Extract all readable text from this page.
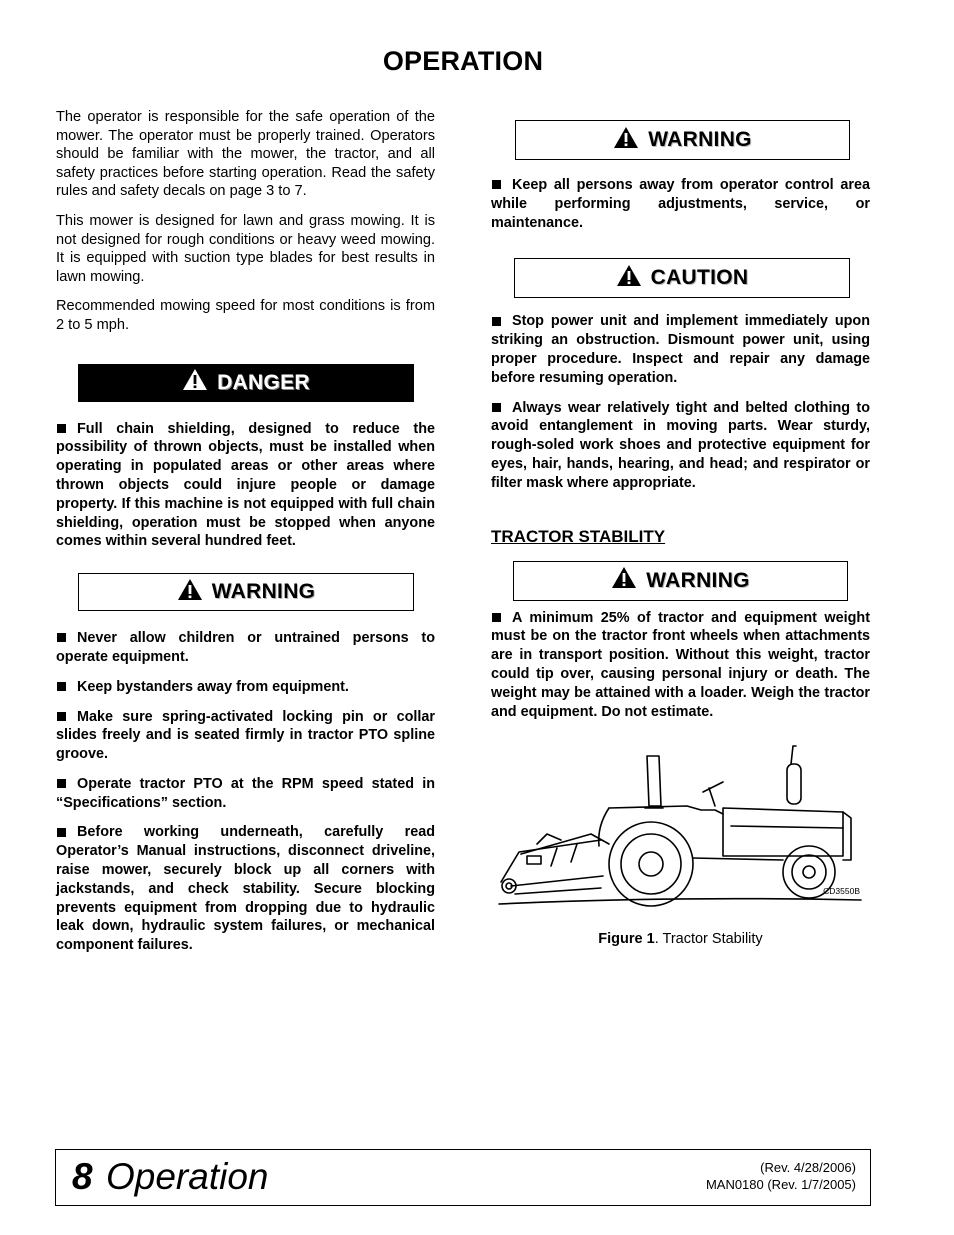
OPERATION

The operator is responsible for the safe operation of the mower. The operator must be properly trained. Operators should be familiar with the mower, the tractor, and all safety practices before starting operation. Read the safety rules and safety decals on page 3 to 7.

This mower is designed for lawn and grass mowing. It is not designed for rough conditions or heavy weed mowing. It is equipped with suction type blades for best results in lawn mowing.

Recommended mowing speed for most conditions is from 2 to 5 mph.

DANGER

Full chain shielding, designed to reduce the possibility of thrown objects, must be installed when operating in populated areas or other areas where thrown objects could injure people or damage property. If this machine is not equipped with full chain shielding, operation must be stopped when anyone comes within several hundred feet.

WARNING

Never allow children or untrained persons to operate equipment.

Keep bystanders away from equipment.

Make sure spring-activated locking pin or collar slides freely and is seated firmly in tractor PTO spline groove.

Operate tractor PTO at the RPM speed stated in “Specifications” section.

Before working underneath, carefully read Operator’s Manual instructions, disconnect driveline, raise mower, securely block up all corners with jackstands, and check stability. Secure blocking prevents equipment from dropping due to hydraulic leak down, hydraulic system failures, or mechanical component failures.

WARNING

Keep all persons away from operator control area while performing adjustments, service, or maintenance.

CAUTION

Stop power unit and implement immediately upon striking an obstruction. Dismount power unit, using proper procedure. Inspect and repair any damage before resuming operation.

Always wear relatively tight and belted clothing to avoid entanglement in moving parts. Wear sturdy, rough-soled work shoes and protective equipment for eyes, hair, hands, hearing, and head; and respirator or filter mask where appropriate.

TRACTOR STABILITY
WARNING

A minimum 25% of tractor and equipment weight must be on the tractor front wheels when attachments are in transport position. Without this weight, tractor could tip over, causing personal injury or death. The weight may be attained with a loader. Weigh the tractor and equipment. Do not estimate.

CD3550B
Figure 1. Tractor Stability
8 Operation	(Rev. 4/28/2006)
MAN0180 (Rev. 1/7/2005)
